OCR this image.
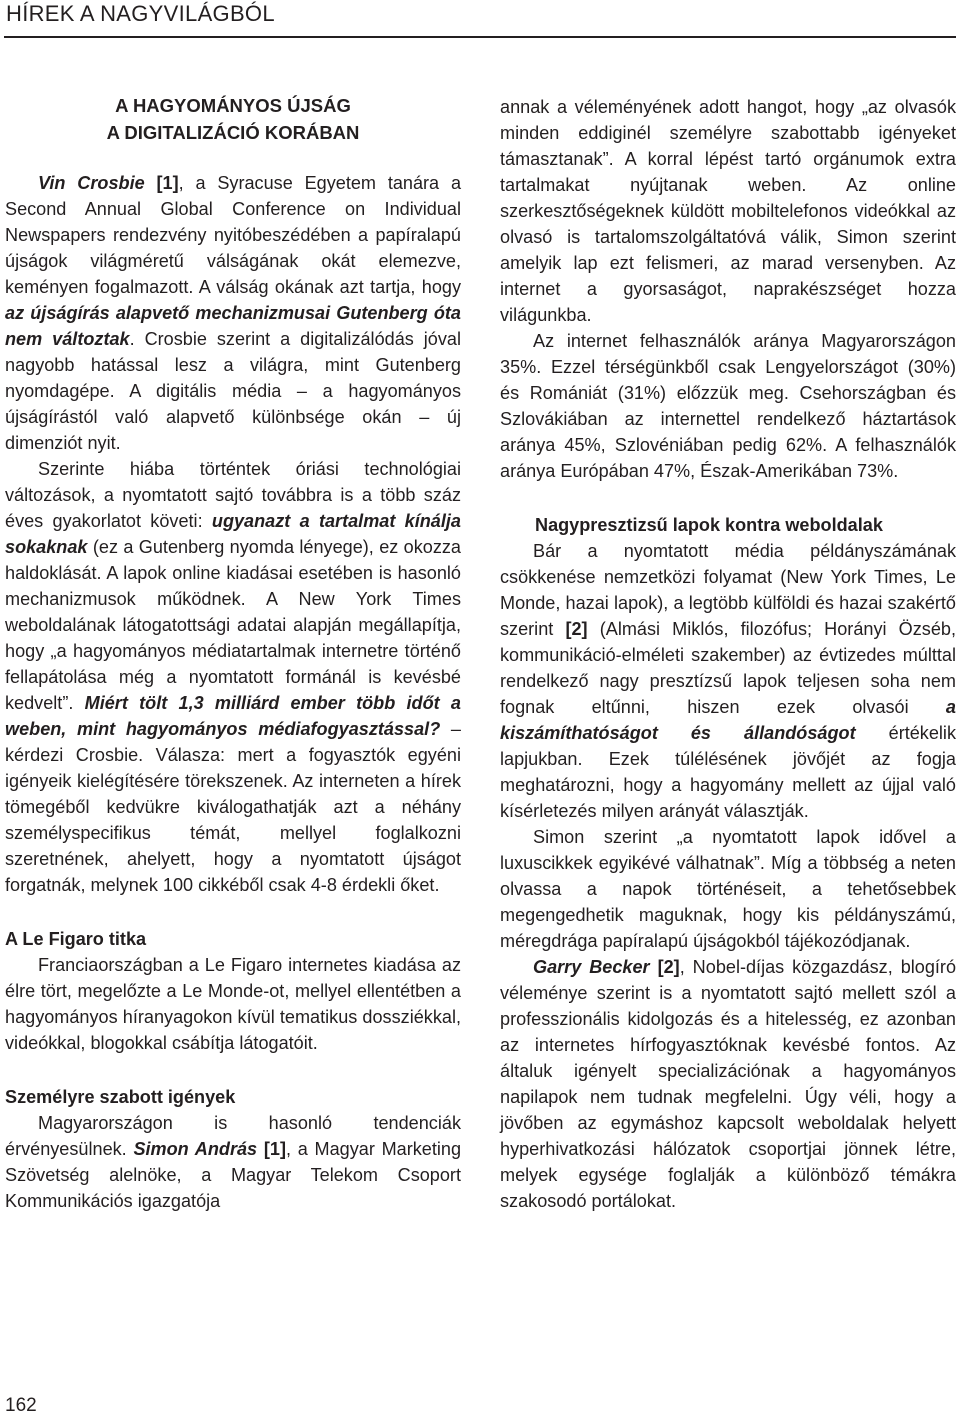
HÍREK A NAGYVILÁGBÓL
A HAGYOMÁNYOS ÚJSÁG
A DIGITALIZÁCIÓ KORÁBAN

Vin Crosbie [1], a Syracuse Egyetem tanára a Second Annual Global Conference on Individual Newspapers rendezvény nyitóbeszédében a papíralapú újságok világméretű válságának okát elemezve, keményen fogalmazott. A válság okának azt tartja, hogy az újságírás alapvető mechanizmusai Gutenberg óta nem változtak. Crosbie szerint a digitalizálódás jóval nagyobb hatással lesz a világra, mint Gutenberg nyomdagépe. A digitális média – a hagyományos újságírástól való alapvető különbsége okán – új dimenziót nyit.

Szerinte hiába történtek óriási technológiai változások, a nyomtatott sajtó továbbra is a több száz éves gyakorlatot követi: ugyanazt a tartalmat kínálja sokaknak (ez a Gutenberg nyomda lényege), ez okozza haldoklását. A lapok online kiadásai esetében is hasonló mechanizmusok működnek. A New York Times weboldalának látogatottsági adatai alapján megállapítja, hogy „a hagyományos médiatartalmak internetre történő fellapátolása még a nyomtatott formánál is kevésbé kedvelt”. Miért tölt 1,3 milliárd ember több időt a weben, mint hagyományos médiafogyasztással? – kérdezi Crosbie. Válasza: mert a fogyasztók egyéni igényeik kielégítésére törekszenek. Az interneten a hírek tömegéből kedvükre kiválogathatják azt a néhány személyspecifikus témát, mellyel foglalkozni szeretnének, ahelyett, hogy a nyomtatott újságot forgatnák, melynek 100 cikkéből csak 4-8 érdekli őket.

A Le Figaro titka

Franciaországban a Le Figaro internetes kiadása az élre tört, megelőzte a Le Monde-ot, mellyel ellentétben a hagyományos híranyagokon kívül tematikus dossziékkal, videókkal, blogokkal csábítja látogatóit.

Személyre szabott igények

Magyarországon is hasonló tendenciák érvényesülnek. Simon András [1], a Magyar Marketing Szövetség alelnöke, a Magyar Telekom Csoport Kommunikációs igazgatója

annak a véleményének adott hangot, hogy „az olvasók minden eddiginél személyre szabottabb igényeket támasztanak”. A korral lépést tartó orgánumok extra tartalmakat nyújtanak weben. Az online szerkesztőségeknek küldött mobiltelefonos videókkal az olvasó is tartalomszolgáltatóvá válik, Simon szerint amelyik lap ezt felismeri, az marad versenyben. Az internet a gyorsaságot, naprakészséget hozza világunkba.

Az internet felhasználók aránya Magyarországon 35%. Ezzel térségünkből csak Lengyelországot (30%) és Romániát (31%) előzzük meg. Csehországban és Szlovákiában az internettel rendelkező háztartások aránya 45%, Szlovéniában pedig 62%. A felhasználók aránya Európában 47%, Észak-Amerikában 73%.

Nagypresztizsű lapok kontra weboldalak

Bár a nyomtatott média példányszámának csökkenése nemzetközi folyamat (New York Times, Le Monde, hazai lapok), a legtöbb külföldi és hazai szakértő szerint [2] (Almási Miklós, filozófus; Horányi Özséb, kommunikáció-elméleti szakember) az évtizedes múlttal rendelkező nagy presztízsű lapok teljesen soha nem fognak eltűnni, hiszen ezek olvasói a kiszámíthatóságot és állandóságot értékelik lapjukban. Ezek túlélésének jövőjét az fogja meghatározni, hogy a hagyomány mellett az újjal való kísérletezés milyen arányát választják.

Simon szerint „a nyomtatott lapok idővel a luxuscikkek egyikévé válhatnak”. Míg a többség a neten olvassa a napok történéseit, a tehetősebbek megengedhetik maguknak, hogy kis példányszámú, méregdrága papíralapú újságokból tájékozódjanak.

Garry Becker [2], Nobel-díjas közgazdász, blogíró véleménye szerint is a nyomtatott sajtó mellett szól a professzionális kidolgozás és a hitelesség, ez azonban az internetes hírfogyasztóknak kevésbé fontos. Az általuk igényelt specializációnak a hagyományos napilapok nem tudnak megfelelni. Úgy véli, hogy a jövőben az egymáshoz kapcsolt weboldalak helyett hyperhivatkozási hálózatok csoportjai jönnek létre, melyek egysége foglalják a különböző témákra szakosodó portálokat.

162
